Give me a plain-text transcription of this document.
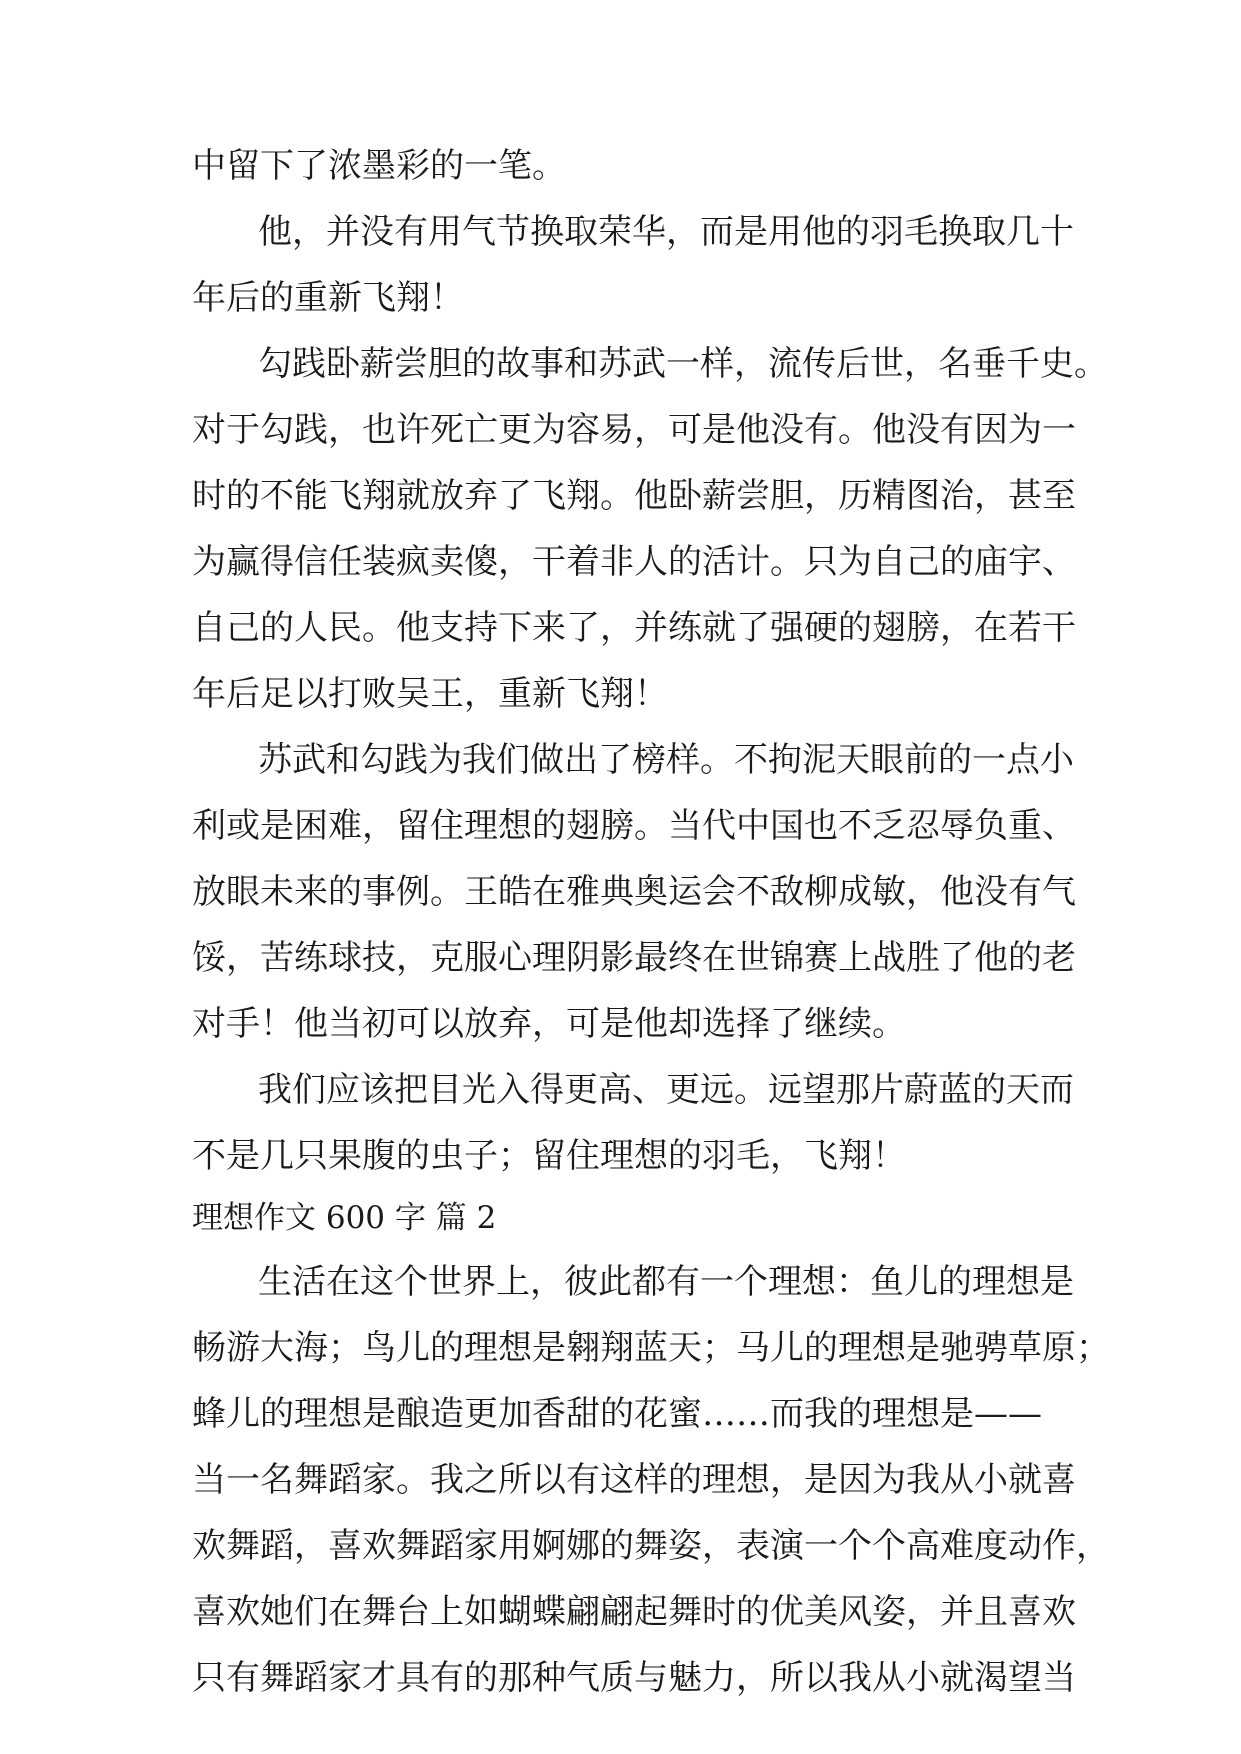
中留下了浓墨彩的一笔。
他，并没有用气节换取荣华，而是用他的羽毛换取几十
年后的重新飞翔！
勾践卧薪尝胆的故事和苏武一样，流传后世，名垂千史。
对于勾践，也许死亡更为容易，可是他没有。他没有因为一
时的不能飞翔就放弃了飞翔。他卧薪尝胆，历精图治，甚至
为赢得信任装疯卖傻，干着非人的活计。只为自己的庙宇、
自己的人民。他支持下来了，并练就了强硬的翅膀，在若干
年后足以打败吴王，重新飞翔！
苏武和勾践为我们做出了榜样。不拘泥天眼前的一点小
利或是困难，留住理想的翅膀。当代中国也不乏忍辱负重、
放眼未来的事例。王皓在雅典奥运会不敌柳成敏，他没有气
馁，苦练球技，克服心理阴影最终在世锦赛上战胜了他的老
对手！他当初可以放弃，可是他却选择了继续。
我们应该把目光入得更高、更远。远望那片蔚蓝的天而
不是几只果腹的虫子；留住理想的羽毛，飞翔！
理想作文 600 字 篇 2
生活在这个世界上，彼此都有一个理想：鱼儿的理想是
畅游大海；鸟儿的理想是翱翔蓝天；马儿的理想是驰骋草原；
蜂儿的理想是酿造更加香甜的花蜜……而我的理想是——
当一名舞蹈家。我之所以有这样的理想，是因为我从小就喜
欢舞蹈，喜欢舞蹈家用婀娜的舞姿，表演一个个高难度动作，
喜欢她们在舞台上如蝴蝶翩翩起舞时的优美风姿，并且喜欢
只有舞蹈家才具有的那种气质与魅力，所以我从小就渴望当
